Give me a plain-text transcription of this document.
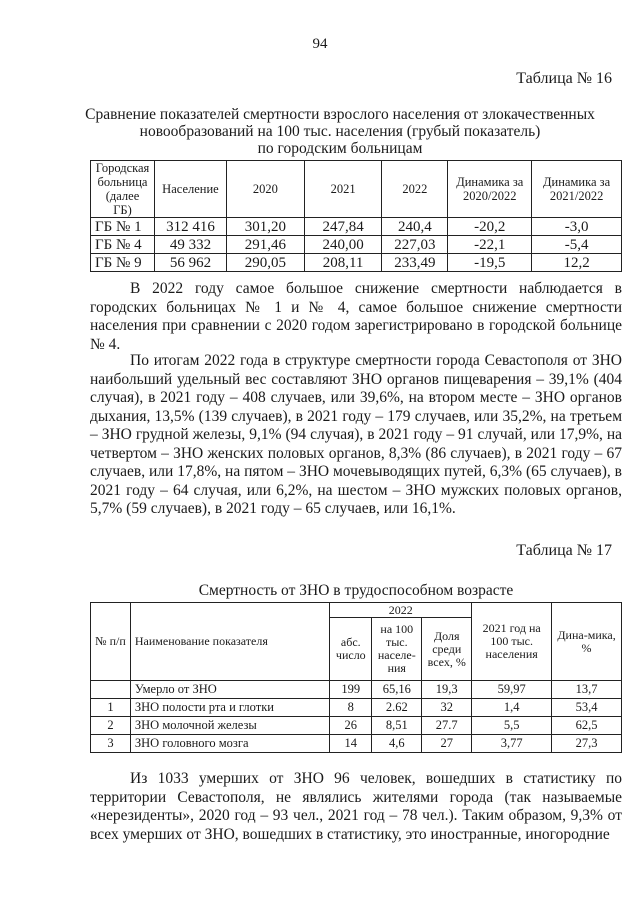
94
Таблица № 16
Сравнение показателей смертности взрослого населения от злокачественных
новообразований на 100 тыс. населения (грубый показатель)
по городским больницам
Городская больница (далее ГБ)	Население	2020	2021	2022	Динамика за 2020/2022	Динамика за 2021/2022
ГБ № 1	312 416	301,20	247,84	240,4	-20,2	-3,0
ГБ № 4	49 332	291,46	240,00	227,03	-22,1	-5,4
ГБ № 9	56 962	290,05	208,11	233,49	-19,5	12,2

В 2022 году самое большое снижение смертности наблюдается в городских больницах № 1 и № 4, самое большое снижение смертности населения при сравнении с 2020 годом зарегистрировано в городской больнице № 4.

По итогам 2022 года в структуре смертности города Севастополя от ЗНО наибольший удельный вес составляют ЗНО органов пищеварения – 39,1% (404 случая), в 2021 году – 408 случаев, или 39,6%, на втором месте – ЗНО органов дыхания, 13,5% (139 случаев), в 2021 году – 179 случаев, или 35,2%, на третьем – ЗНО грудной железы, 9,1% (94 случая), в 2021 году – 91 случай, или 17,9%, на четвертом – ЗНО женских половых органов, 8,3% (86 случаев), в 2021 году – 67 случаев, или 17,8%, на пятом – ЗНО мочевыводящих путей, 6,3% (65 случаев), в 2021 году – 64 случая, или 6,2%, на шестом – ЗНО мужских половых органов, 5,7% (59 случаев), в 2021 году – 65 случаев, или 16,1%.

Таблица № 17
Смертность от ЗНО в трудоспособном возрасте
№ п/п	Наименование показателя	2022			2021 год на 100 тыс. населения	Дина-мика, %
		абс. число	на 100 тыс. населе-ния	Доля среди всех, %		
	Умерло от ЗНО	199	65,16	19,3	59,97	13,7
1	ЗНО полости рта и глотки	8	2.62	32	1,4	53,4
2	ЗНО молочной железы	26	8,51	27.7	5,5	62,5
3	ЗНО головного мозга	14	4,6	27	3,77	27,3

Из 1033 умерших от ЗНО 96 человек, вошедших в статистику по территории Севастополя, не являлись жителями города (так называемые «нерезиденты», 2020 год – 93 чел., 2021 год – 78 чел.). Таким образом, 9,3% от всех умерших от ЗНО, вошедших в статистику, это иностранные, иногородние
